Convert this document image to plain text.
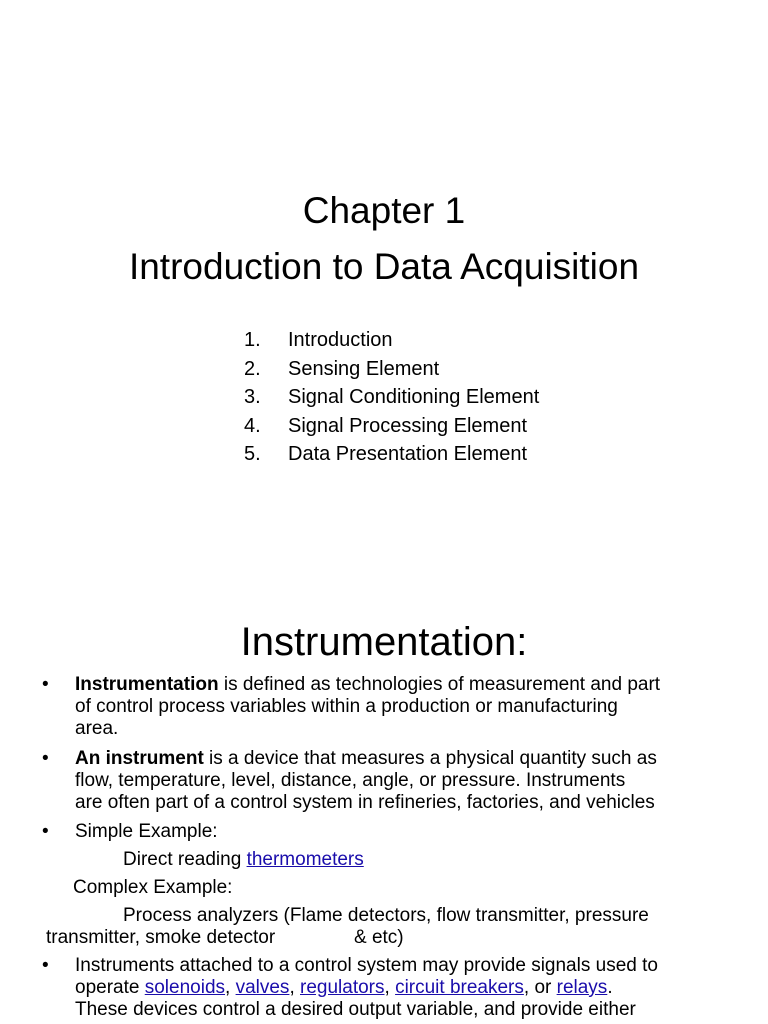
Chapter 1
Introduction to Data Acquisition
1. Introduction
2. Sensing Element
3. Signal Conditioning Element
4. Signal Processing Element
5. Data Presentation Element
Instrumentation:
• Instrumentation is defined as technologies of measurement and part
of control process variables within a production or manufacturing
area.
• An instrument is a device that measures a physical quantity such as
flow, temperature, level, distance, angle, or pressure. Instruments
are often part of a control system in refineries, factories, and vehicles
• Simple Example:
Direct reading thermometers
Complex Example:
Process analyzers (Flame detectors, flow transmitter, pressure
transmitter, smoke detector	& etc)
• Instruments attached to a control system may provide signals used to
operate solenoids, valves, regulators, circuit breakers, or relays.
These devices control a desired output variable, and provide either
